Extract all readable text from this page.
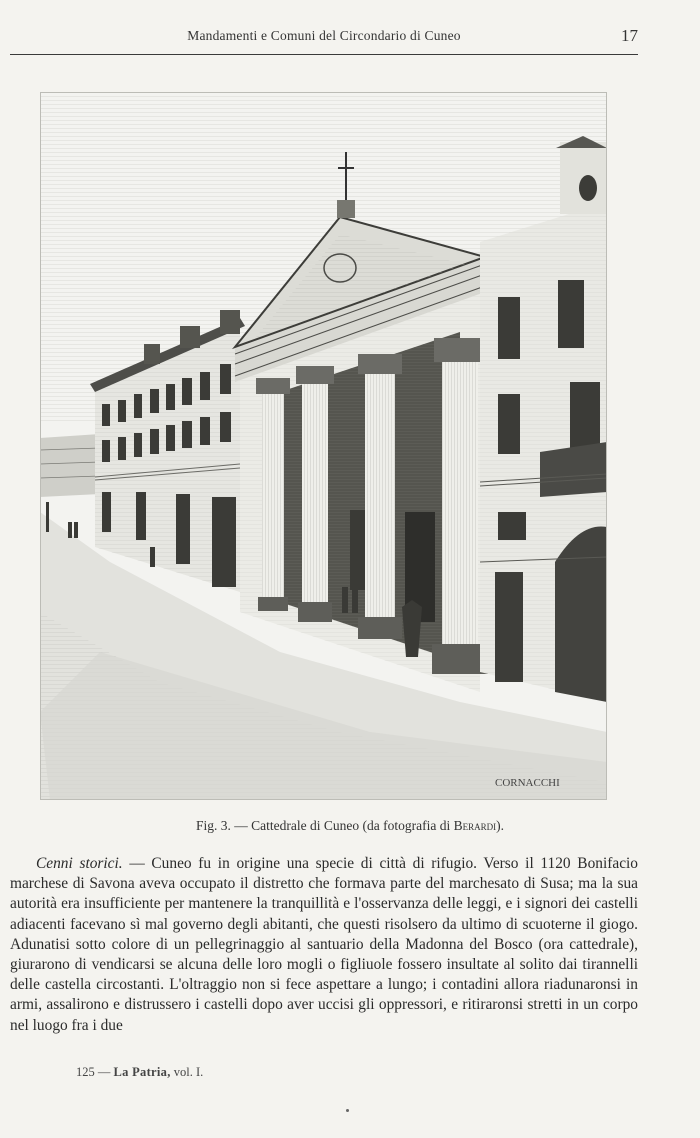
Mandamenti e Comuni del Circondario di Cuneo	17
CORNACCHI
Fig. 3. — Cattedrale di Cuneo (da fotografia di Berardi).

Cenni storici. — Cuneo fu in origine una specie di città di rifugio. Verso il 1120 Bonifacio marchese di Savona aveva occupato il distretto che formava parte del marchesato di Susa; ma la sua autorità era insufficiente per mantenere la tranquillità e l'osservanza delle leggi, e i signori dei castelli adiacenti facevano sì mal governo degli abitanti, che questi risolsero da ultimo di scuoterne il giogo. Adunatisi sotto colore di un pellegrinaggio al santuario della Madonna del Bosco (ora cattedrale), giurarono di vendicarsi se alcuna delle loro mogli o figliuole fossero insultate al solito dai tirannelli delle castella circostanti. L'oltraggio non si fece aspettare a lungo; i contadini allora riadunaronsi in armi, assalirono e distrussero i castelli dopo aver uccisi gli oppressori, e ritiraronsi stretti in un corpo nel luogo fra i due

125 — La Patria, vol. I.
